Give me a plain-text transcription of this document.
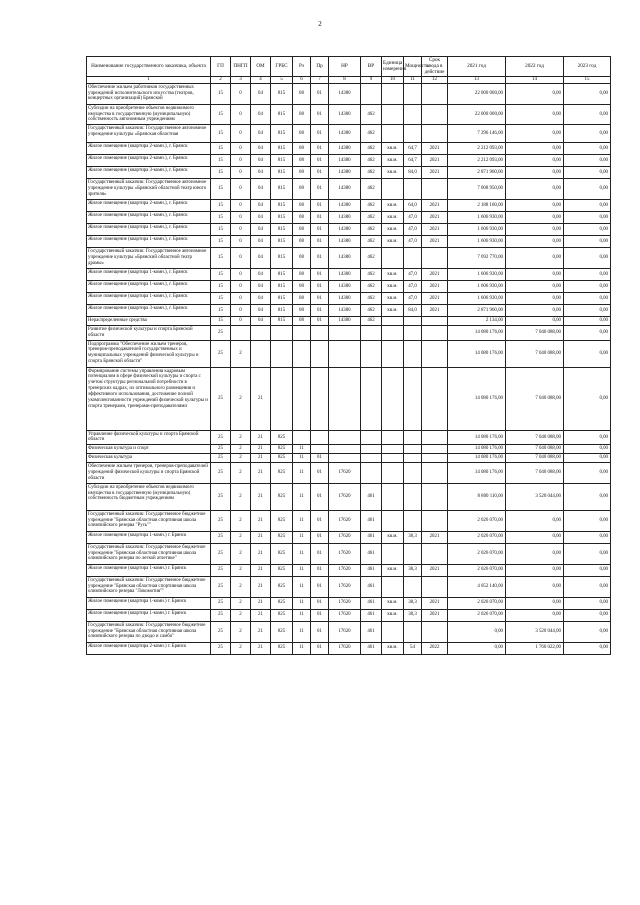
2
Наименование государственного заказчика, объекта	ГП	ПНГП	ОМ	ГРБС	Рз	Пр	НР	ВР	Единица измерения	Мощность	Срок ввода в действие	2021 год	2022 год	2023 год
1	2	3	4	5	6	7	8	9	10	11	12	13	14	15
Обеспечение жильем работников государственных учреждений исполнительского искусства (театров, концертных организаций) Брянской	15	0	04	815	08	01	14380					22 000 000,00	0,00	0,00
Субсидии на приобретение объектов недвижимого имущества в государственную (муниципальную) собственность автономным учреждениям	15	0	04	815	08	01	14380	462				22 000 000,00	0,00	0,00
Государственный заказчик: Государственное автономное учреждение культуры «Брянская областная	15	0	04	815	08	01	14380	462				7 296 146,00	0,00	0,00
Жилое помещение (квартира 2-комн.), г. Брянск	15	0	04	815	08	01	14380	462	кв.м.	64,7	2021	2 212 093,00	0,00	0,00
Жилое помещение (квартира 2-комн.), г. Брянск	15	0	04	815	08	01	14380	462	кв.м.	64,7	2021	2 212 093,00	0,00	0,00
Жилое помещение (квартира 3-комн.), г. Брянск	15	0	04	815	08	01	14380	462	кв.м.	84,0	2021	2 871 960,00	0,00	0,00
Государственный заказчик: Государственное автономное учреждение культуры «Брянский областной театр юного зрителя»	15	0	04	815	08	01	14380	462				7 008 950,00	0,00	0,00
Жилое помещение (квартира 2-комн.), г. Брянск	15	0	04	815	08	01	14380	462	кв.м.	64,0	2021	2 188 160,00	0,00	0,00
Жилое помещение (квартира 1-комн.), г. Брянск	15	0	04	815	08	01	14380	462	кв.м.	47,0	2021	1 606 930,00	0,00	0,00
Жилое помещение (квартира 1-комн.), г. Брянск	15	0	04	815	08	01	14380	462	кв.м.	47,0	2021	1 606 930,00	0,00	0,00
Жилое помещение (квартира 1-комн.), г. Брянск	15	0	04	815	08	01	14380	462	кв.м.	47,0	2021	1 606 930,00	0,00	0,00
Государственный заказчик: Государственное автономное учреждение культуры «Брянский областной театр драмы»	15	0	04	815	08	01	14380	462				7 692 770,00	0,00	0,00
Жилое помещение (квартира 1-комн.), г. Брянск	15	0	04	815	08	01	14380	462	кв.м.	47,0	2021	1 606 930,00	0,00	0,00
Жилое помещение (квартира 1-комн.), г. Брянск	15	0	04	815	08	01	14380	462	кв.м.	47,0	2021	1 606 930,00	0,00	0,00
Жилое помещение (квартира 1-комн.), г. Брянск	15	0	04	815	08	01	14380	462	кв.м.	47,0	2021	1 606 930,00	0,00	0,00
Жилое помещение (квартира 3-комн.), г. Брянск	15	0	04	815	08	01	14380	462	кв.м.	84,0	2021	2 871 960,00	0,00	0,00
Нераспределенные средства	15	0	04	815	08	01	14380	462				2 134,00	0,00	0,00
Развитие физической культуры и спорта Брянской области	25											14 080 176,00	7 040 088,00	0,00
Подпрограмма "Обеспечение жильем тренеров, тренеров-преподавателей государственных и муниципальных учреждений физической культуры и спорта Брянской области"	25	2										14 080 176,00	7 040 088,00	0,00
Формирование системы управления кадровым потенциалом в сфере физической культуры и спорта с учетом структуры региональной потребности в тренерских кадрах, их оптимального размещения и эффективного использования, достижение полной укомплектованности учреждений физической культуры и спорта тренерами, тренерами-преподавателями	25	2	21									14 080 176,00	7 040 088,00	0,00
Управление физической культуры и спорта Брянской области	25	2	21	825								14 080 176,00	7 040 088,00	0,00
Физическая культура и спорт	25	2	21	825	11							14 080 176,00	7 040 088,00	0,00
Физическая культура	25	2	21	825	11	01						14 080 176,00	7 040 088,00	0,00
Обеспечение жильем тренеров, тренеров-преподавателей учреждений физической культуры и спорта Брянской области	25	2	21	825	11	01	17620					14 080 176,00	7 040 088,00	0,00
Субсидии на приобретение объектов недвижимого имущества в государственную (муниципальную) собственность бюджетным учреждениям	25	2	21	825	11	01	17620	461				8 800 110,00	3 520 044,00	0,00
Государственный заказчик: Государственное бюджетное учреждение "Брянская областная спортивная школа олимпийского резерва "Русь""	25	2	21	825	11	01	17620	461				2 026 070,00	0,00	0,00
Жилое помещение (квартира 1-комн.) г. Брянск	25	2	21	825	11	01	17620	461	кв.м.	38,3	2021	2 026 070,00	0,00	0,00
Государственный заказчик: Государственное бюджетное учреждение "Брянская областная спортивная школа олимпийского резерва по легкой атлетике"	25	2	21	825	11	01	17620	461				2 026 070,00	0,00	0,00
Жилое помещение (квартира 1-комн.) г. Брянск	25	2	21	825	11	01	17620	461	кв.м.	38,3	2021	2 026 070,00	0,00	0,00
Государственный заказчик: Государственное бюджетное учреждение "Брянская областная спортивная школа олимпийского резерва "Локомотив""	25	2	21	825	11	01	17620	461				4 052 140,00	0,00	0,00
Жилое помещение (квартира 1-комн.) г. Брянск	25	2	21	825	11	01	17620	461	кв.м.	38,3	2021	2 026 070,00	0,00	0,00
Жилое помещение (квартира 1-комн.) г. Брянск	25	2	21	825	11	01	17620	461	кв.м.	38,3	2021	2 026 070,00	0,00	0,00
Государственный заказчик: Государственное бюджетное учреждение "Брянская областная спортивная школа олимпийского резерва по дзюдо и самбо"	25	2	21	825	11	01	17620	461				0,00	3 520 044,00	0,00
Жилое помещение (квартира 2-комн.) г. Брянск	25	2	21	825	11	01	17620	461	кв.м.	54	2022	0,00	1 760 022,00	0,00
